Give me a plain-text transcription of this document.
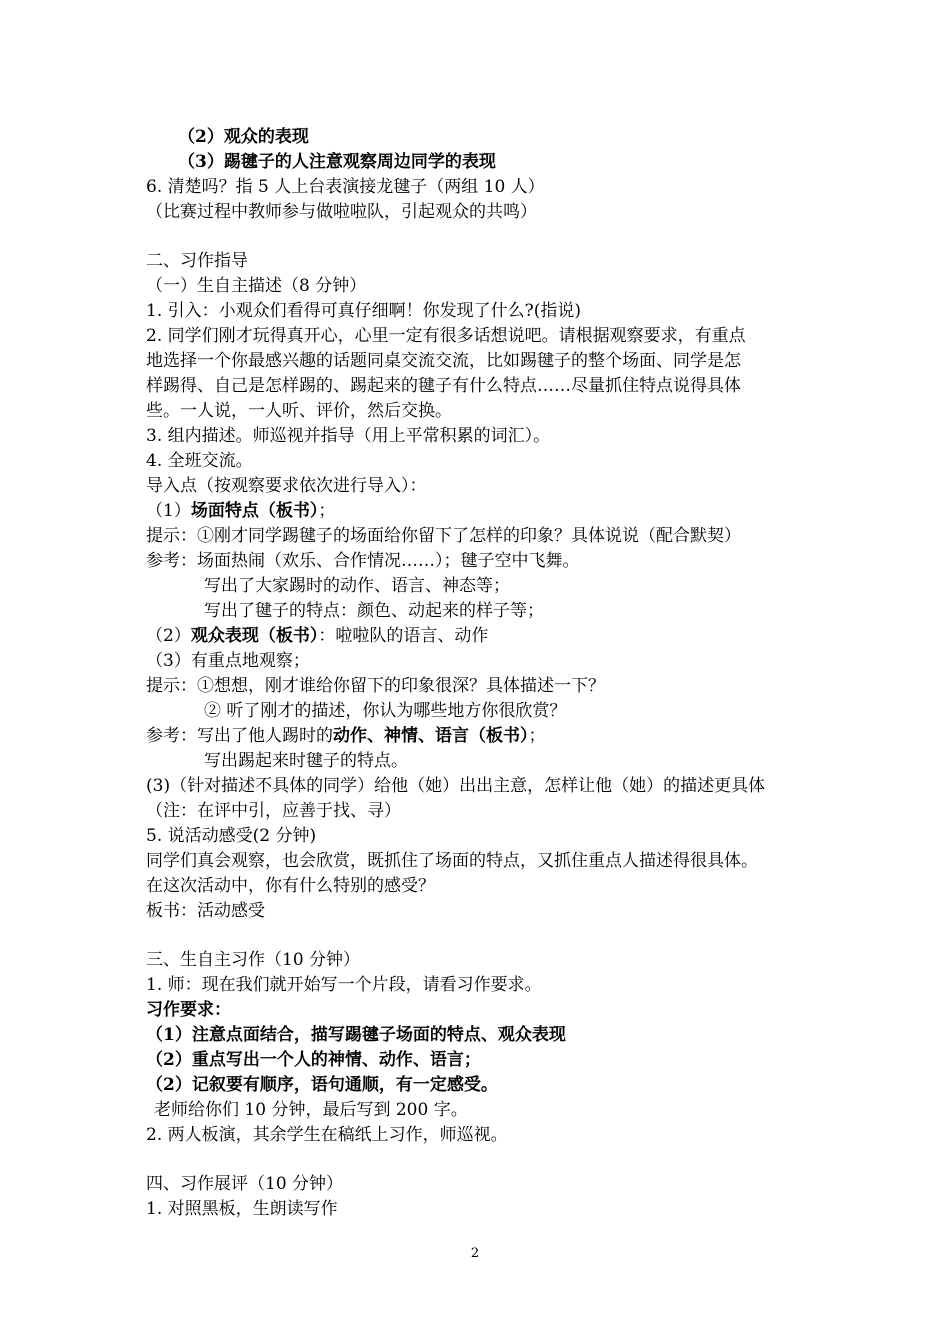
（2）观众的表现
（3）踢毽子的人注意观察周边同学的表现
6. 清楚吗？指 5 人上台表演接龙毽子（两组 10 人）
（比赛过程中教师参与做啦啦队，引起观众的共鸣）
二、习作指导
（一）生自主描述（8 分钟）
1. 引入：小观众们看得可真仔细啊！你发现了什么?(指说)
2. 同学们刚才玩得真开心，心里一定有很多话想说吧。请根据观察要求，有重点
地选择一个你最感兴趣的话题同桌交流交流，比如踢毽子的整个场面、同学是怎
样踢得、自己是怎样踢的、踢起来的毽子有什么特点……尽量抓住特点说得具体
些。一人说，一人听、评价，然后交换。
3. 组内描述。师巡视并指导（用上平常积累的词汇）。
4. 全班交流。
导入点（按观察要求依次进行导入）：
（1）场面特点（板书）；
提示：①刚才同学踢毽子的场面给你留下了怎样的印象？具体说说（配合默契）
参考：场面热闹（欢乐、合作情况……）；毽子空中飞舞。
写出了大家踢时的动作、语言、神态等；
写出了毽子的特点：颜色、动起来的样子等；
（2）观众表现（板书）：啦啦队的语言、动作
（3）有重点地观察；
提示：①想想，刚才谁给你留下的印象很深？具体描述一下？
② 听了刚才的描述，你认为哪些地方你很欣赏？
参考：写出了他人踢时的动作、神情、语言（板书）；
写出踢起来时毽子的特点。
(3)（针对描述不具体的同学）给他（她）出出主意，怎样让他（她）的描述更具体
（注：在评中引，应善于找、寻）
5. 说活动感受(2 分钟)
同学们真会观察，也会欣赏，既抓住了场面的特点，又抓住重点人描述得很具体。
在这次活动中，你有什么特别的感受？
板书：活动感受
三、生自主习作（10 分钟）
1. 师：现在我们就开始写一个片段，请看习作要求。
习作要求：
（1）注意点面结合，描写踢毽子场面的特点、观众表现
（2）重点写出一个人的神情、动作、语言；
（2）记叙要有顺序，语句通顺，有一定感受。
老师给你们 10 分钟，最后写到 200 字。
2. 两人板演，其余学生在稿纸上习作，师巡视。
四、习作展评（10 分钟）
1. 对照黑板，生朗读写作
2
